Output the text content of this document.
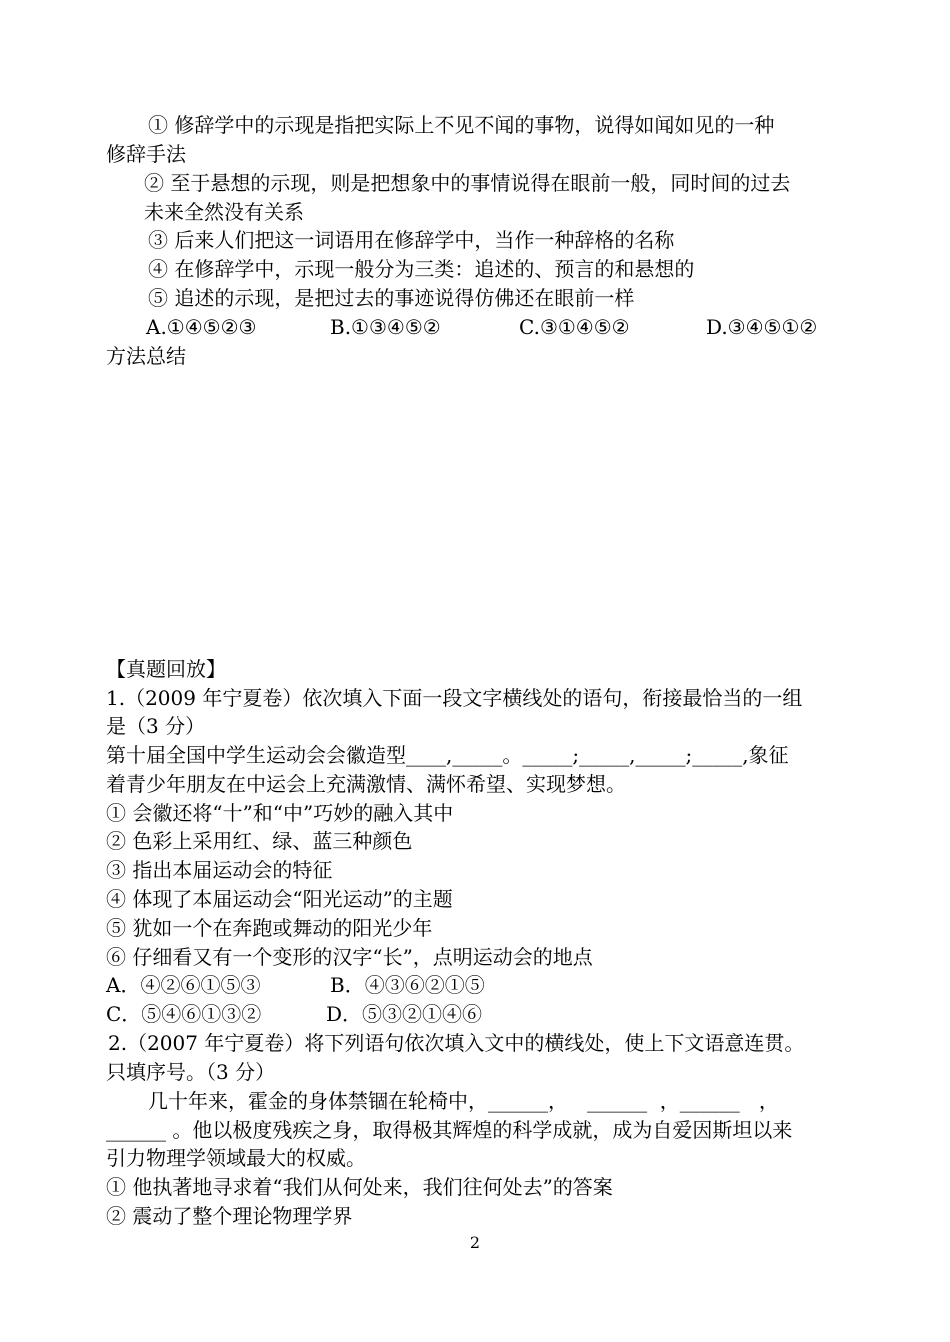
① 修辞学中的示现是指把实际上不见不闻的事物，说得如闻如见的一种
修辞手法
② 至于悬想的示现，则是把想象中的事情说得在眼前一般，同时间的过去
未来全然没有关系
③ 后来人们把这一词语用在修辞学中，当作一种辞格的名称
④ 在修辞学中，示现一般分为三类：追述的、预言的和悬想的
⑤ 追述的示现，是把过去的事迹说得仿佛还在眼前一样
A.①④⑤②③	B.①③④⑤②	C.③①④⑤②	D.③④⑤①②
方法总结
【真题回放】
1.（2009 年宁夏卷）依次填入下面一段文字横线处的语句，衔接最恰当的一组
是（3 分）
第十届全国中学生运动会会徽造型____,_____。_____;_____,_____;_____,象征
着青少年朋友在中运会上充满激情、满怀希望、实现梦想。
① 会徽还将“十”和“中”巧妙的融入其中
② 色彩上采用红、绿、蓝三种颜色
③ 指出本届运动会的特征
④ 体现了本届运动会“阳光运动”的主题
⑤ 犹如一个在奔跑或舞动的阳光少年
⑥ 仔细看又有一个变形的汉字“长”，点明运动会的地点
A．④②⑥①⑤③	B．④③⑥②①⑤
C．⑤④⑥①③②	D．⑤③②①④⑥
2.（2007 年宁夏卷）将下列语句依次填入文中的横线处，使上下文语意连贯。
只填序号。（3 分）
几十年来，霍金的身体禁锢在轮椅中，______，   ______  ，______   ，
______ 。他以极度残疾之身，取得极其辉煌的科学成就，成为自爱因斯坦以来
引力物理学领域最大的权威。
① 他执著地寻求着“我们从何处来，我们往何处去”的答案
② 震动了整个理论物理学界
2
